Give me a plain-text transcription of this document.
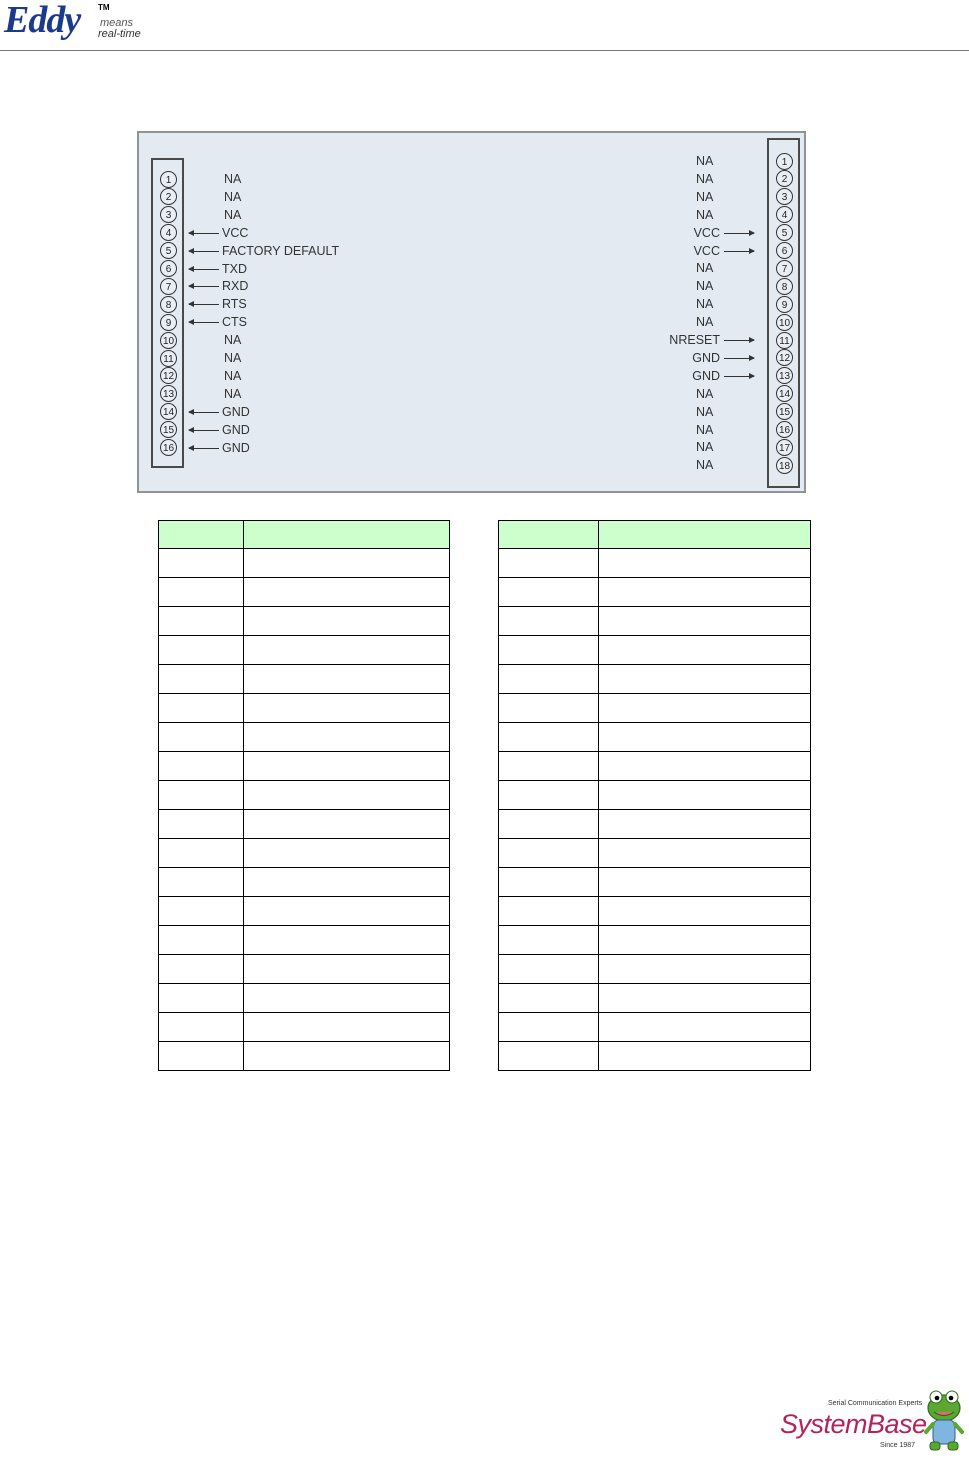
Eddy TM
means
real-time
1	NA
2	NA
3	NA
4	VCC
5	FACTORY DEFAULT
6	TXD
7	RXD
8	RTS
9	CTS
10	NA
11	NA
12	NA
13	NA
14	GND
15	GND
16	GND
1
NA
2
NA
3
NA
4
NA
5
VCC
6
VCC
7
NA
8
NA
9
NA
10
NA
11
NRESET
12
GND
13
GND
14
NA
15
NA
16
NA
17
NA
18
NA

Serial Communication Experts
SystemBase
Since 1987
